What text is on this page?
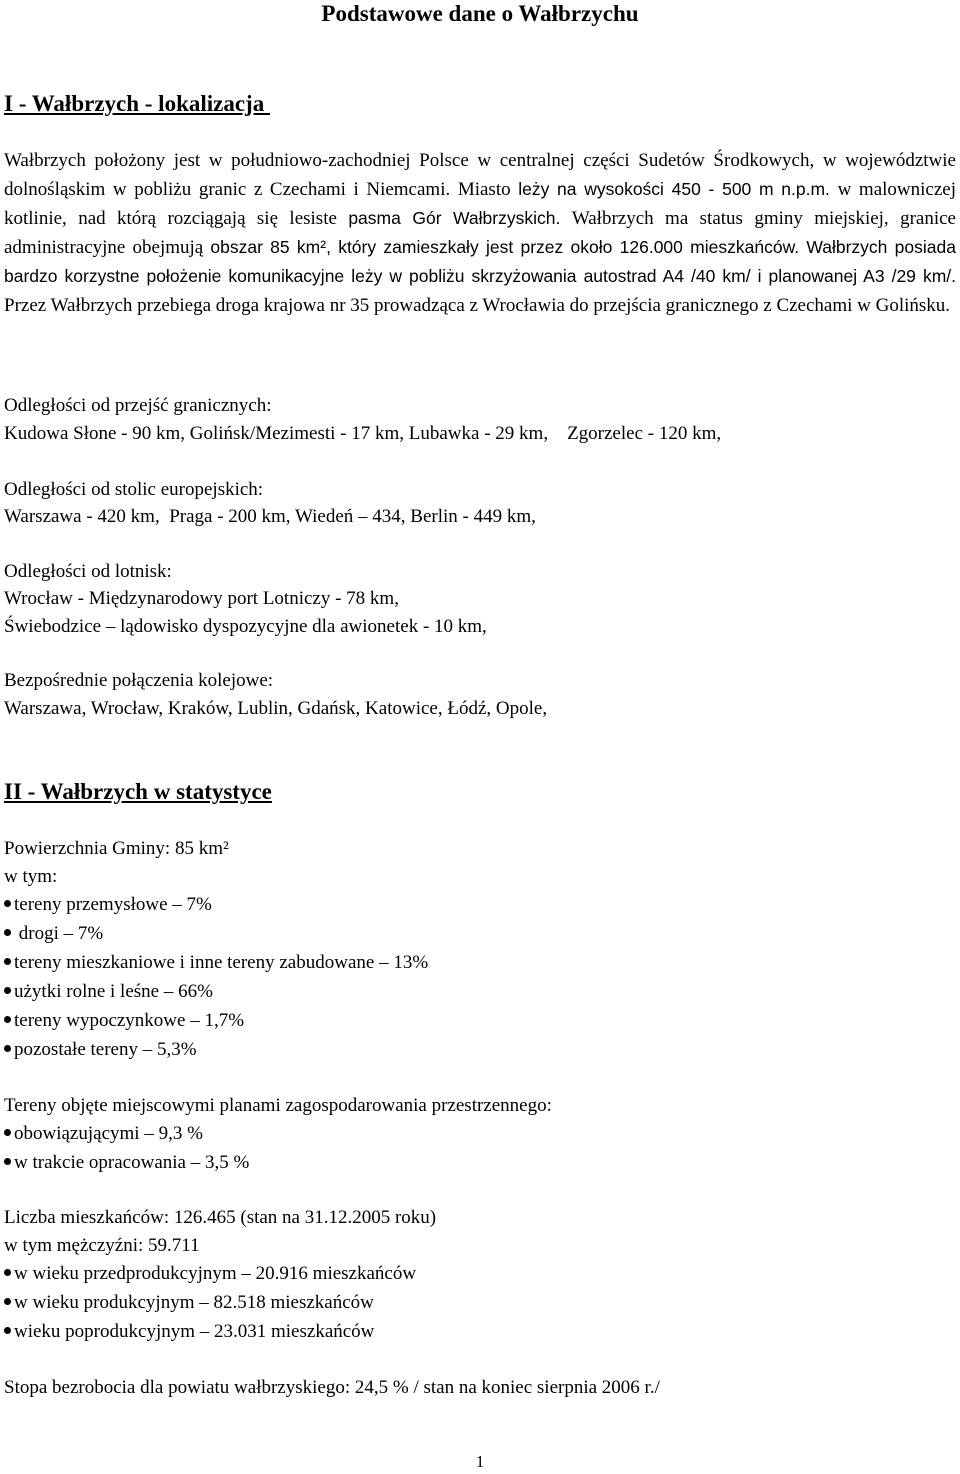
Podstawowe dane o Wałbrzychu
I - Wałbrzych - lokalizacja
Wałbrzych położony jest w południowo-zachodniej Polsce w centralnej części Sudetów Środkowych, w województwie dolnośląskim w pobliżu granic z Czechami i Niemcami. Miasto leży na wysokości 450 - 500 m n.p.m. w malowniczej kotlinie, nad którą rozciągają się lesiste pasma Gór Wałbrzyskich. Wałbrzych ma status gminy miejskiej, granice administracyjne obejmują obszar 85 km², który zamieszkały jest przez około 126.000 mieszkańców. Wałbrzych posiada bardzo korzystne położenie komunikacyjne leży w pobliżu skrzyżowania autostrad A4 /40 km/ i planowanej A3 /29 km/. Przez Wałbrzych przebiega droga krajowa nr 35 prowadząca z Wrocławia do przejścia granicznego z Czechami w Golińsku.
Odległości od przejść granicznych:
Kudowa Słone - 90 km, Golińsk/Mezimesti - 17 km, Lubawka - 29 km,    Zgorzelec - 120 km,
Odległości od stolic europejskich:
Warszawa - 420 km,  Praga - 200 km, Wiedeń – 434, Berlin - 449 km,
Odległości od lotnisk:
Wrocław - Międzynarodowy port Lotniczy - 78 km,
Świebodzice – lądowisko dyspozycyjne dla awionetek - 10 km,
Bezpośrednie połączenia kolejowe:
Warszawa, Wrocław, Kraków, Lublin, Gdańsk, Katowice, Łódź, Opole,
II - Wałbrzych w statystyce
Powierzchnia Gminy: 85 km²
w tym:
tereny przemysłowe – 7%
drogi – 7%
tereny mieszkaniowe i inne tereny zabudowane – 13%
użytki rolne i leśne – 66%
tereny wypoczynkowe – 1,7%
pozostałe tereny – 5,3%
Tereny objęte miejscowymi planami zagospodarowania przestrzennego:
obowiązującymi – 9,3 %
w trakcie opracowania – 3,5 %
Liczba mieszkańców: 126.465 (stan na 31.12.2005 roku)
w tym mężczyźni: 59.711
w wieku przedprodukcyjnym – 20.916 mieszkańców
w wieku produkcyjnym – 82.518 mieszkańców
wieku poprodukcyjnym – 23.031 mieszkańców
Stopa bezrobocia dla powiatu wałbrzyskiego: 24,5 % / stan na koniec sierpnia 2006 r./
1
